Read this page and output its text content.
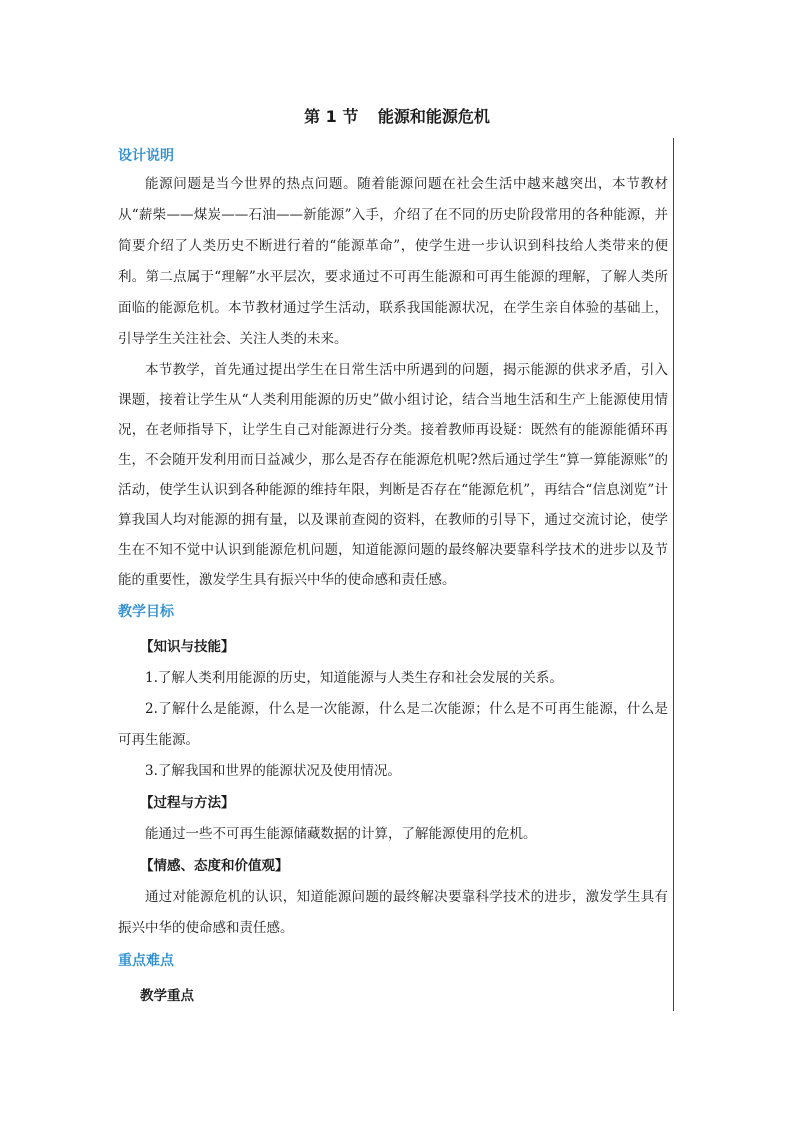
第 1 节 能源和能源危机
设计说明

能源问题是当今世界的热点问题。随着能源问题在社会生活中越来越突出，本节教材从“薪柴——煤炭——石油——新能源”入手，介绍了在不同的历史阶段常用的各种能源，并简要介绍了人类历史不断进行着的“能源革命”，使学生进一步认识到科技给人类带来的便利。第二点属于“理解”水平层次，要求通过不可再生能源和可再生能源的理解，了解人类所面临的能源危机。本节教材通过学生活动，联系我国能源状况，在学生亲自体验的基础上，引导学生关注社会、关注人类的未来。

本节教学，首先通过提出学生在日常生活中所遇到的问题，揭示能源的供求矛盾，引入课题，接着让学生从“人类利用能源的历史”做小组讨论，结合当地生活和生产上能源使用情况，在老师指导下，让学生自己对能源进行分类。接着教师再设疑：既然有的能源能循环再生，不会随开发利用而日益减少，那么是否存在能源危机呢?然后通过学生“算一算能源账”的活动，使学生认识到各种能源的维持年限，判断是否存在“能源危机”，再结合“信息浏览”计算我国人均对能源的拥有量，以及课前查阅的资料，在教师的引导下，通过交流讨论，使学生在不知不觉中认识到能源危机问题，知道能源问题的最终解决要靠科学技术的进步以及节能的重要性，激发学生具有振兴中华的使命感和责任感。

教学目标
【知识与技能】

1.了解人类利用能源的历史，知道能源与人类生存和社会发展的关系。

2.了解什么是能源，什么是一次能源，什么是二次能源；什么是不可再生能源，什么是可再生能源。

3.了解我国和世界的能源状况及使用情况。

【过程与方法】

能通过一些不可再生能源储藏数据的计算，了解能源使用的危机。

【情感、态度和价值观】

通过对能源危机的认识，知道能源问题的最终解决要靠科学技术的进步，激发学生具有振兴中华的使命感和责任感。

重点难点
教学重点
